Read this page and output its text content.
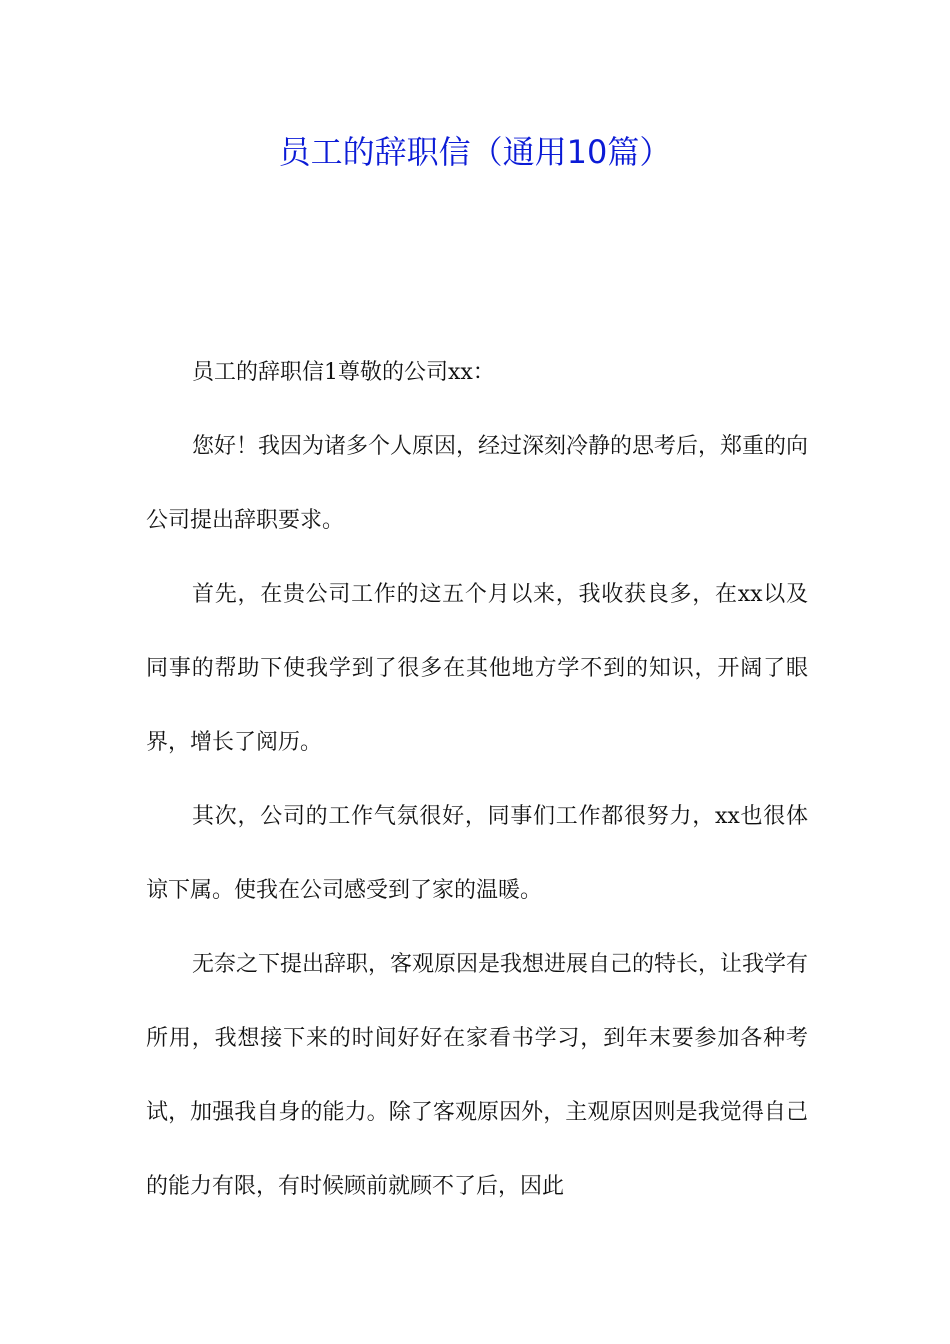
员工的辞职信（通用10篇）

员工的辞职信1尊敬的公司xx：

您好！我因为诸多个人原因，经过深刻冷静的思考后，郑重的向公司提出辞职要求。

首先，在贵公司工作的这五个月以来，我收获良多，在xx以及同事的帮助下使我学到了很多在其他地方学不到的知识，开阔了眼界，增长了阅历。

其次，公司的工作气氛很好，同事们工作都很努力，xx也很体谅下属。使我在公司感受到了家的温暖。

无奈之下提出辞职，客观原因是我想进展自己的特长，让我学有所用，我想接下来的时间好好在家看书学习，到年末要参加各种考试，加强我自身的能力。除了客观原因外，主观原因则是我觉得自己的能力有限，有时候顾前就顾不了后，因此
